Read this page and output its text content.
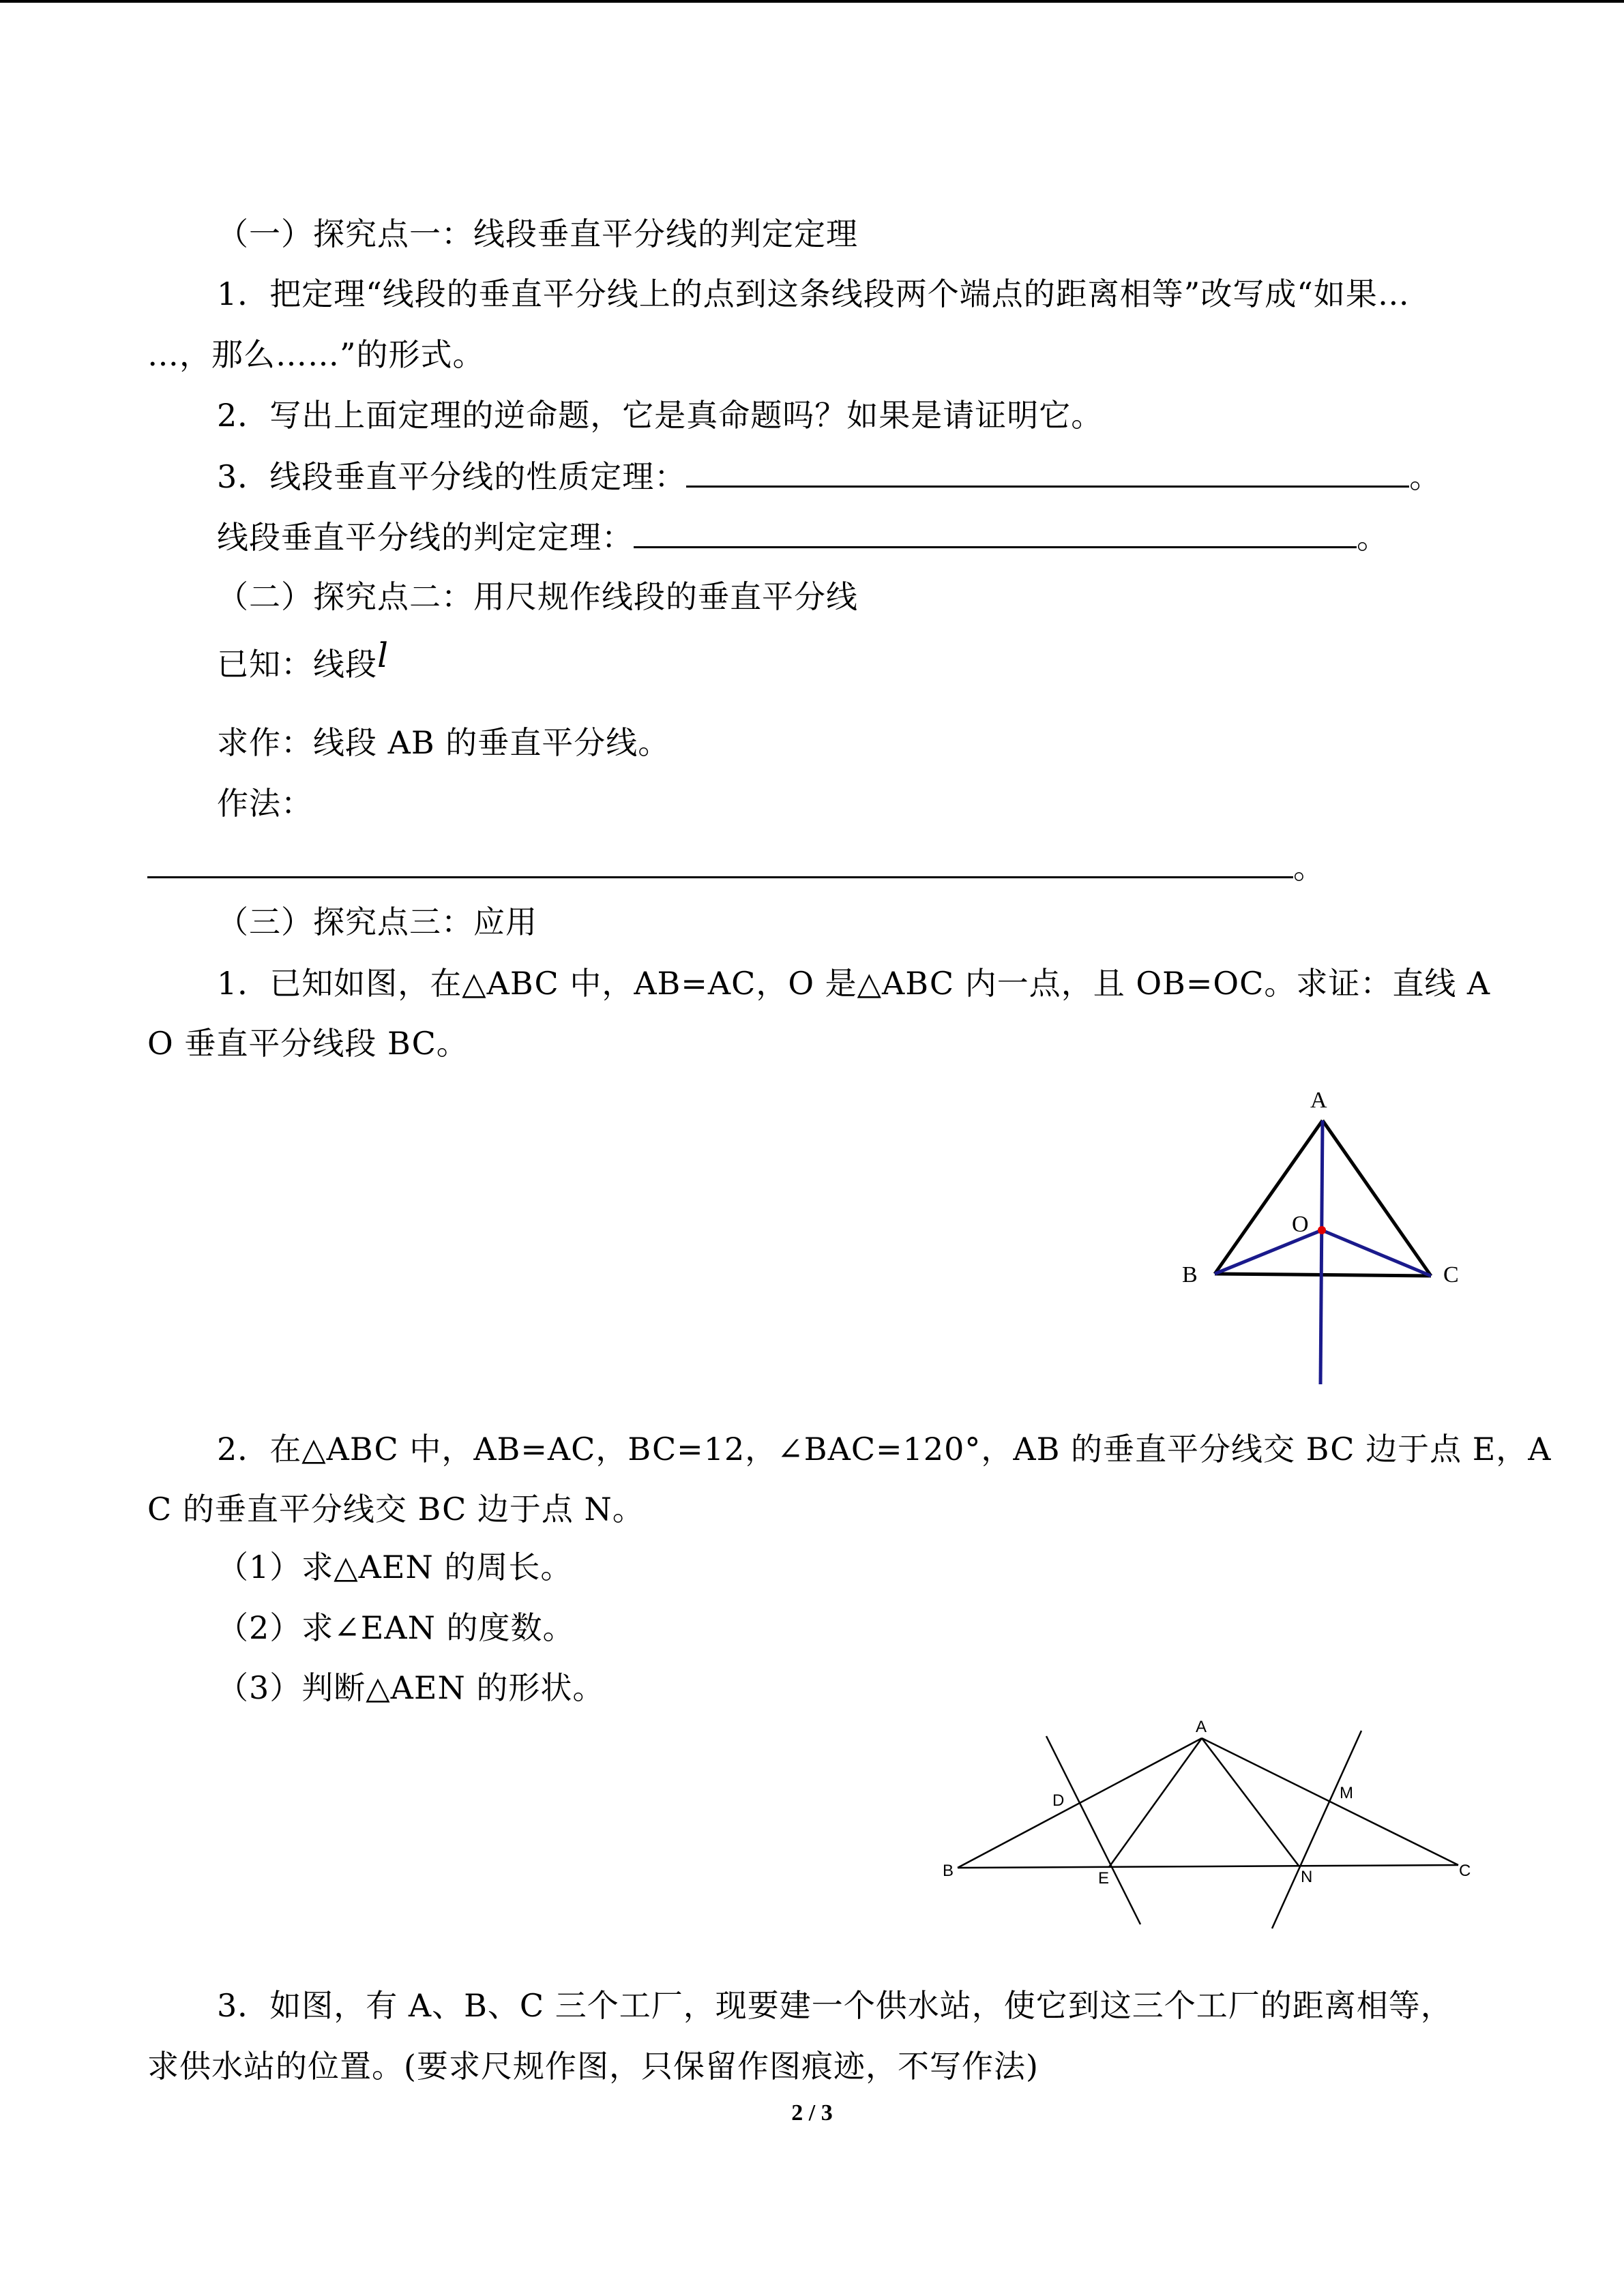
（一）探究点一：线段垂直平分线的判定定理
1．把定理“线段的垂直平分线上的点到这条线段两个端点的距离相等”改写成“如果…
…，那么……”的形式。
2．写出上面定理的逆命题，它是真命题吗？如果是请证明它。
3．线段垂直平分线的性质定理：	。
线段垂直平分线的判定定理：	。
（二）探究点二：用尺规作线段的垂直平分线
已知：线段l
求作：线段 AB 的垂直平分线。
作法：
。
（三）探究点三：应用
1．已知如图，在△ABC 中，AB=AC，O 是△ABC 内一点，且 OB=OC。求证：直线 A
O 垂直平分线段 BC。
A
O
B	C
2．在△ABC 中，AB=AC，BC=12，∠BAC=120°，AB 的垂直平分线交 BC 边于点 E，A
C 的垂直平分线交 BC 边于点 N。
（1）求△AEN 的周长。
（2）求∠EAN 的度数。
（3）判断△AEN 的形状。
A
D	M
B	E	N	C
3．如图，有 A、B、C 三个工厂，现要建一个供水站，使它到这三个工厂的距离相等，
求供水站的位置。(要求尺规作图，只保留作图痕迹，不写作法)
2 / 3
